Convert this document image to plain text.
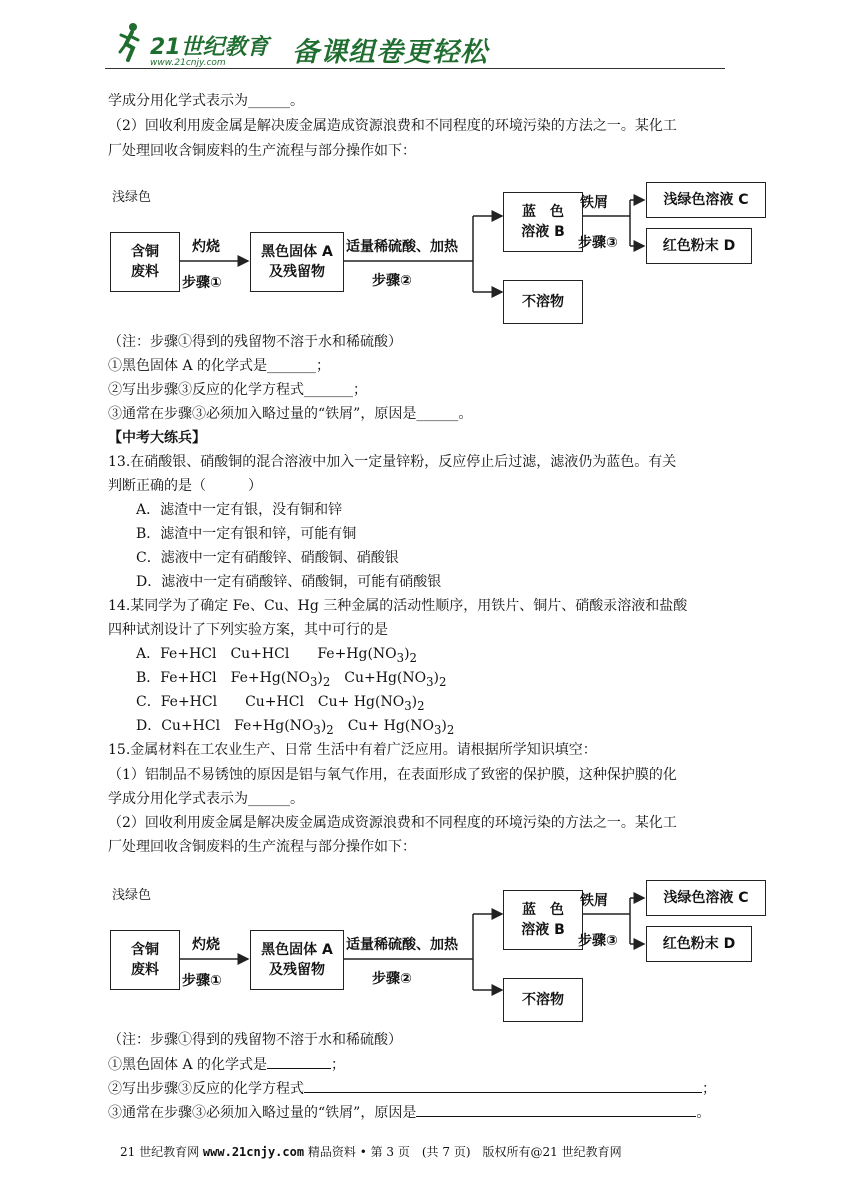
21世纪教育
www.21cnjy.com 备课组卷更轻松
学成分用化学式表示为______。
（2）回收利用废金属是解决废金属造成资源浪费和不同程度的环境污染的方法之一。某化工
厂处理回收含铜废料的生产流程与部分操作如下：
浅绿色
含铜
废料
灼烧
步骤①
黑色固体 A
及残留物
适量稀硫酸、加热
步骤②
蓝　色
溶液 B
不溶物
铁屑
步骤③
浅绿色溶液 C
红色粉末 D
（注：步骤①得到的残留物不溶于水和稀硫酸）
①黑色固体 A 的化学式是_______；
②写出步骤③反应的化学方程式_______；
③通常在步骤③必须加入略过量的“铁屑”，原因是______。
【中考大练兵】
13.在硝酸银、硝酸铜的混合溶液中加入一定量锌粉，反应停止后过滤，滤液仍为蓝色。有关
判断正确的是（　　　）
A．滤渣中一定有银，没有铜和锌
B．滤渣中一定有银和锌，可能有铜
C．滤液中一定有硝酸锌、硝酸铜、硝酸银
D．滤液中一定有硝酸锌、硝酸铜，可能有硝酸银
14.某同学为了确定 Fe、Cu、Hg 三种金属的活动性顺序，用铁片、铜片、硝酸汞溶液和盐酸
四种试剂设计了下列实验方案，其中可行的是
A．Fe+HCl　Cu+HCl　　$Fe+Hg(NO_3)_2$
B．Fe+HCl　$Fe+Hg(NO_3)_2$　$Cu+Hg(NO_3)_2$
C．Fe+HCl　　Cu+HCl　$Cu+ Hg(NO_3)_2$
D．Cu+HCl　$Fe+Hg(NO_3)_2$　$Cu+ Hg(NO_3)_2$
15.金属材料在工农业生产、日常 生活中有着广泛应用。请根据所学知识填空：
（1）铝制品不易锈蚀的原因是铝与氧气作用，在表面形成了致密的保护膜，这种保护膜的化
学成分用化学式表示为______。
（2）回收利用废金属是解决废金属造成资源浪费和不同程度的环境污染的方法之一。某化工
厂处理回收含铜废料的生产流程与部分操作如下：
浅绿色
含铜
废料
灼烧
步骤①
黑色固体 A
及残留物
适量稀硫酸、加热
步骤②
蓝　色
溶液 B
不溶物
铁屑
步骤③
浅绿色溶液 C
红色粉末 D
（注：步骤①得到的残留物不溶于水和稀硫酸）
①黑色固体 A 的化学式是	；
②写出步骤③反应的化学方程式	；
③通常在步骤③必须加入略过量的“铁屑”，原因是	。
21 世纪教育网 www.21cnjy.com 精品资料 • 第 3 页　(共 7 页)　版权所有@21 世纪教育网
